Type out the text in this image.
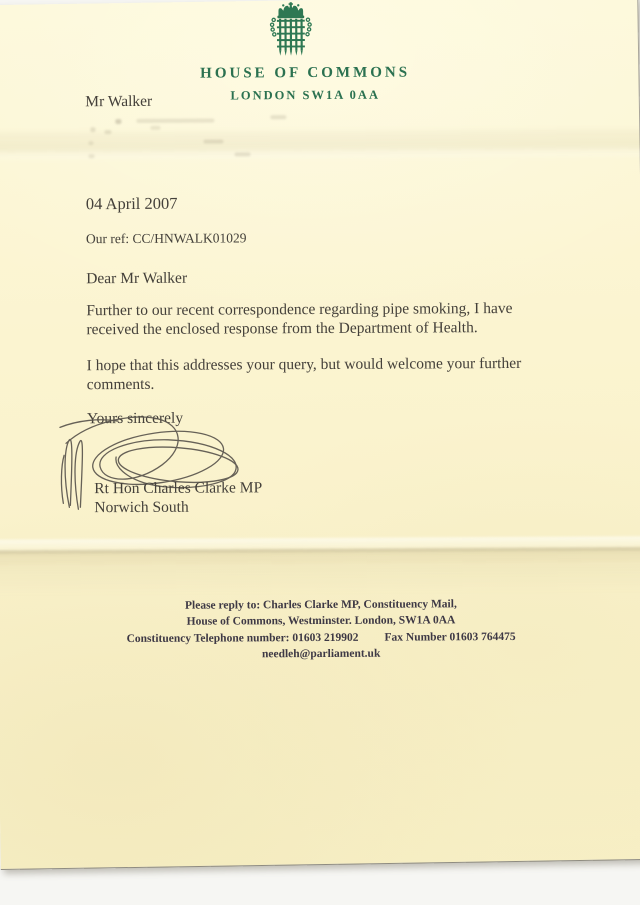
HOUSE OF COMMONS
LONDON SW1A 0AA
Mr Walker
04 April 2007
Our ref: CC/HNWALK01029
Dear Mr Walker
Further to our recent correspondence regarding pipe smoking, I have
received the enclosed response from the Department of Health.
I hope that this addresses your query, but would welcome your further
comments.
Yours sincerely
Rt Hon Charles Clarke MP
Norwich South
Please reply to: Charles Clarke MP, Constituency Mail,
House of Commons, Westminster. London, SW1A 0AA
Constituency Telephone number: 01603 219902 Fax Number 01603 764475
needleh@parliament.uk
